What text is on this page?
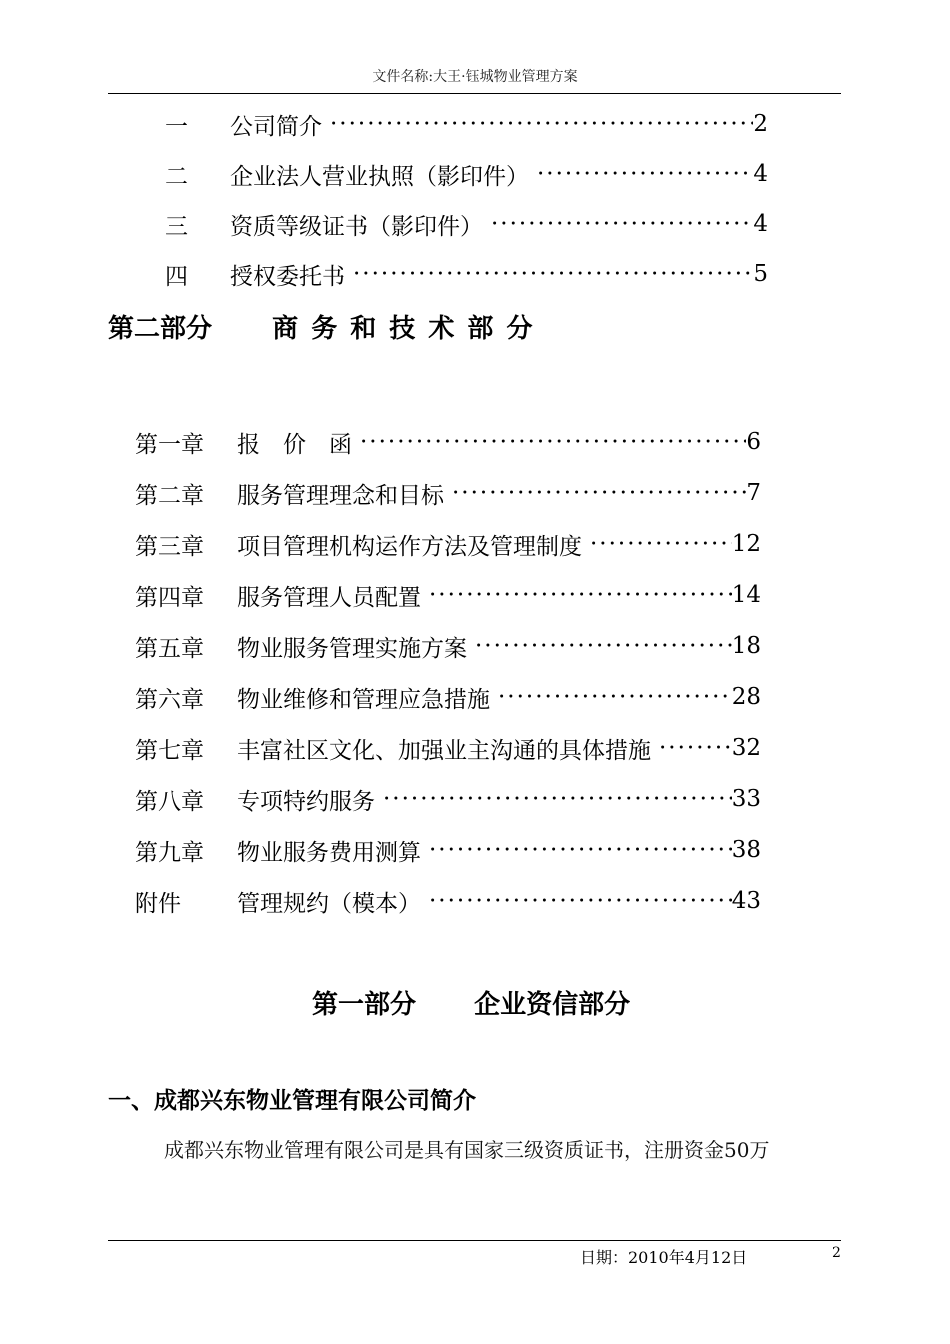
文件名称:大王·钰城物业管理方案
一	公司简介 ·····	2
二	企业法人营业执照（影印件） ·····	4
三	资质等级证书（影印件） ·····	4
四	授权委托书 ·····	5
第二部分 商 务 和 技 术 部 分
第一章	报　价　函 ·····	6
第二章	服务管理理念和目标 ·····	7
第三章	项目管理机构运作方法及管理制度 ·····	12
第四章	服务管理人员配置 ·····	14
第五章	物业服务管理实施方案 ·····	18
第六章	物业维修和管理应急措施 ·····	28
第七章	丰富社区文化、加强业主沟通的具体措施 ·····	32
第八章	专项特约服务 ·····	33
第九章	物业服务费用测算 ·····	38
附件	管理规约（模本） ·····	43
第一部分 企业资信部分
一、成都兴东物业管理有限公司简介
成都兴东物业管理有限公司是具有国家三级资质证书，注册资金50万
日期：2010年4月12日	2
